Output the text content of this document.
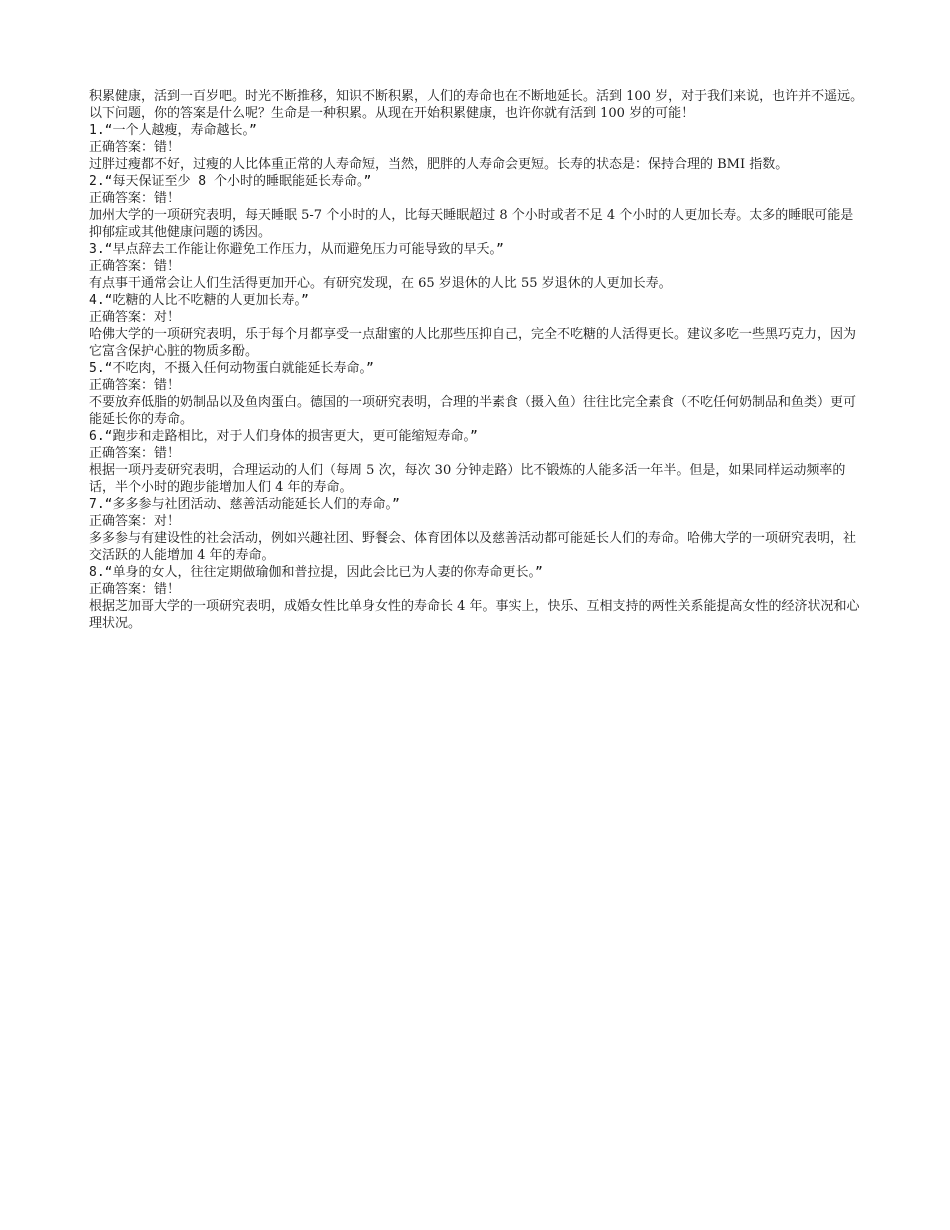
积累健康，活到一百岁吧。时光不断推移，知识不断积累，人们的寿命也在不断地延长。活到 100 岁，对于我们来说，也许并不遥远。以下问题，你的答案是什么呢？生命是一种积累。从现在开始积累健康，也许你就有活到 100 岁的可能！

1.“一个人越瘦，寿命越长。”

正确答案：错！

过胖过瘦都不好，过瘦的人比体重正常的人寿命短，当然，肥胖的人寿命会更短。长寿的状态是：保持合理的 BMI 指数。

2.“每天保证至少 8 个小时的睡眠能延长寿命。”

正确答案：错！

加州大学的一项研究表明，每天睡眠 5-7 个小时的人，比每天睡眠超过 8 个小时或者不足 4 个小时的人更加长寿。太多的睡眠可能是抑郁症或其他健康问题的诱因。

3.“早点辞去工作能让你避免工作压力，从而避免压力可能导致的早夭。”

正确答案：错！

有点事干通常会让人们生活得更加开心。有研究发现，在 65 岁退休的人比 55 岁退休的人更加长寿。

4.“吃糖的人比不吃糖的人更加长寿。”

正确答案：对！

哈佛大学的一项研究表明，乐于每个月都享受一点甜蜜的人比那些压抑自己，完全不吃糖的人活得更长。建议多吃一些黑巧克力，因为它富含保护心脏的物质多酚。

5.“不吃肉，不摄入任何动物蛋白就能延长寿命。”

正确答案：错！

不要放弃低脂的奶制品以及鱼肉蛋白。德国的一项研究表明，合理的半素食（摄入鱼）往往比完全素食（不吃任何奶制品和鱼类）更可能延长你的寿命。

6.“跑步和走路相比，对于人们身体的损害更大，更可能缩短寿命。”

正确答案：错！

根据一项丹麦研究表明，合理运动的人们（每周 5 次，每次 30 分钟走路）比不锻炼的人能多活一年半。但是，如果同样运动频率的话，半个小时的跑步能增加人们 4 年的寿命。

7.“多多参与社团活动、慈善活动能延长人们的寿命。”

正确答案：对！

多多参与有建设性的社会活动，例如兴趣社团、野餐会、体育团体以及慈善活动都可能延长人们的寿命。哈佛大学的一项研究表明，社交活跃的人能增加 4 年的寿命。

8.“单身的女人，往往定期做瑜伽和普拉提，因此会比已为人妻的你寿命更长。”

正确答案：错！

根据芝加哥大学的一项研究表明，成婚女性比单身女性的寿命长 4 年。事实上，快乐、互相支持的两性关系能提高女性的经济状况和心理状况。
